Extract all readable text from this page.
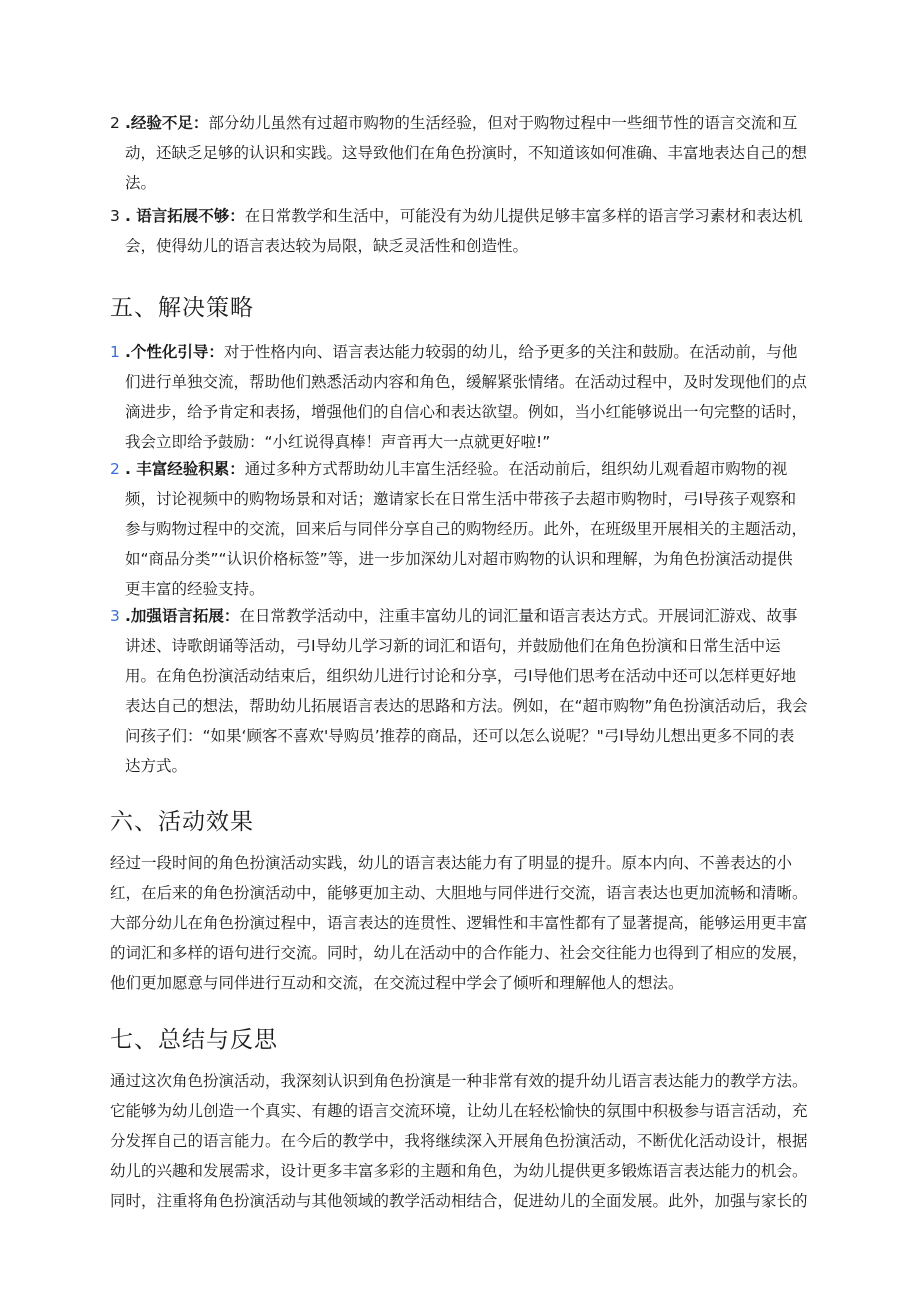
2 .经验不足：部分幼儿虽然有过超市购物的生活经验，但对于购物过程中一些细节性的语言交流和互动，还缺乏足够的认识和实践。这导致他们在角色扮演时，不知道该如何准确、丰富地表达自己的想法。
3 . 语言拓展不够：在日常教学和生活中，可能没有为幼儿提供足够丰富多样的语言学习素材和表达机会，使得幼儿的语言表达较为局限，缺乏灵活性和创造性。
五、解决策略
1 .个性化引导：对于性格内向、语言表达能力较弱的幼儿，给予更多的关注和鼓励。在活动前，与他们进行单独交流，帮助他们熟悉活动内容和角色，缓解紧张情绪。在活动过程中，及时发现他们的点滴进步，给予肯定和表扬，增强他们的自信心和表达欲望。例如，当小红能够说出一句完整的话时，我会立即给予鼓励：“小红说得真棒！声音再大一点就更好啦!”
2 . 丰富经验积累：通过多种方式帮助幼儿丰富生活经验。在活动前后，组织幼儿观看超市购物的视频，讨论视频中的购物场景和对话；邀请家长在日常生活中带孩子去超市购物时，弓I导孩子观察和参与购物过程中的交流，回来后与同伴分享自己的购物经历。此外，在班级里开展相关的主题活动，如“商品分类”“认识价格标签”等，进一步加深幼儿对超市购物的认识和理解，为角色扮演活动提供更丰富的经验支持。
3 .加强语言拓展：在日常教学活动中，注重丰富幼儿的词汇量和语言表达方式。开展词汇游戏、故事讲述、诗歌朗诵等活动，弓I导幼儿学习新的词汇和语句，并鼓励他们在角色扮演和日常生活中运用。在角色扮演活动结束后，组织幼儿进行讨论和分享，弓I导他们思考在活动中还可以怎样更好地表达自己的想法，帮助幼儿拓展语言表达的思路和方法。例如，在“超市购物”角色扮演活动后，我会问孩子们：“如果‘顾客不喜欢'导购员’推荐的商品，还可以怎么说呢？"弓I导幼儿想出更多不同的表达方式。
六、活动效果

经过一段时间的角色扮演活动实践，幼儿的语言表达能力有了明显的提升。原本内向、不善表达的小红，在后来的角色扮演活动中，能够更加主动、大胆地与同伴进行交流，语言表达也更加流畅和清晰。大部分幼儿在角色扮演过程中，语言表达的连贯性、逻辑性和丰富性都有了显著提高，能够运用更丰富的词汇和多样的语句进行交流。同时，幼儿在活动中的合作能力、社会交往能力也得到了相应的发展，他们更加愿意与同伴进行互动和交流，在交流过程中学会了倾听和理解他人的想法。

七、总结与反思

通过这次角色扮演活动，我深刻认识到角色扮演是一种非常有效的提升幼儿语言表达能力的教学方法。它能够为幼儿创造一个真实、有趣的语言交流环境，让幼儿在轻松愉快的氛围中积极参与语言活动，充分发挥自己的语言能力。在今后的教学中，我将继续深入开展角色扮演活动，不断优化活动设计，根据幼儿的兴趣和发展需求，设计更多丰富多彩的主题和角色，为幼儿提供更多锻炼语言表达能力的机会。同时，注重将角色扮演活动与其他领域的教学活动相结合，促进幼儿的全面发展。此外，加强与家长的
